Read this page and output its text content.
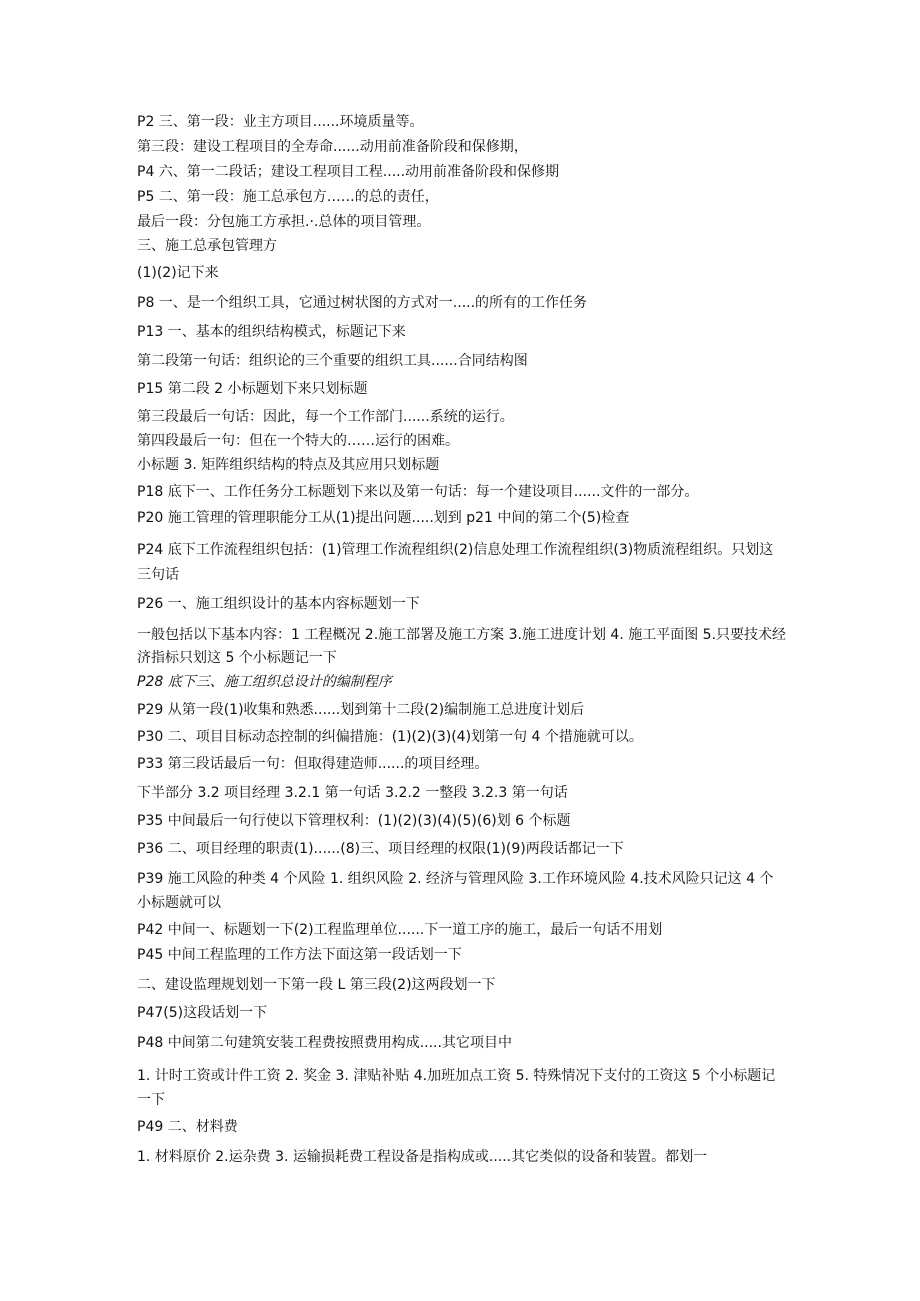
P2 三、第一段：业主方项目......环境质量等。

第三段：建设工程项目的全寿命......动用前准备阶段和保修期，

P4 六、第一二段话；建设工程项目工程.....动用前准备阶段和保修期

P5 二、第一段：施工总承包方……的总的责任，

最后一段：分包施工方承担.·.总体的项目管理。

三、施工总承包管理方

(1)(2)记下来

P8 一、是一个组织工具，它通过树状图的方式对一.....的所有的工作任务

P13 一、基本的组织结构模式，标题记下来

第二段第一句话：组织论的三个重要的组织工具......合同结构图

P15 第二段 2 小标题划下来只划标题

第三段最后一句话：因此，每一个工作部门......系统的运行。

第四段最后一句：但在一个特大的……运行的困难。

小标题 3. 矩阵组织结构的特点及其应用只划标题

P18 底下一、工作任务分工标题划下来以及第一句话：每一个建设项目......文件的一部分。

P20 施工管理的管理职能分工从(1)提出问题.....划到 p21 中间的第二个(5)检查

P24 底下工作流程组织包括：(1)管理工作流程组织(2)信息处理工作流程组织(3)物质流程组织。只划这三句话

P26 一、施工组织设计的基本内容标题划一下

一般包括以下基本内容：1 工程概况 2.施工部署及施工方案 3.施工进度计划 4. 施工平面图 5.只要技术经济指标只划这 5 个小标题记一下

P28 底下三、施工组织总设计的编制程序

P29 从第一段(1)收集和熟悉......划到第十二段(2)编制施工总进度计划后

P30 二、项目目标动态控制的纠偏措施：(1)(2)(3)(4)划第一句 4 个措施就可以。

P33 第三段话最后一句：但取得建造师......的项目经理。

下半部分 3.2 项目经理 3.2.1 第一句话 3.2.2 一整段 3.2.3 第一句话

P35 中间最后一句行使以下管理权利：(1)(2)(3)(4)(5)(6)划 6 个标题

P36 二、项目经理的职责(1)......(8)三、项目经理的权限(1)(9)两段话都记一下

P39 施工风险的种类 4 个风险 1. 组织风险 2. 经济与管理风险 3.工作环境风险 4.技术风险只记这 4 个小标题就可以

P42 中间一、标题划一下(2)工程监理单位......下一道工序的施工，最后一句话不用划

P45 中间工程监理的工作方法下面这第一段话划一下

二、建设监理规划划一下第一段 L 第三段(2)这两段划一下

P47(5)这段话划一下

P48 中间第二句建筑安装工程费按照费用构成.....其它项目中

1. 计时工资或计件工资 2. 奖金 3. 津贴补贴 4.加班加点工资 5. 特殊情况下支付的工资这 5 个小标题记一下

P49 二、材料费

1. 材料原价 2.运杂费 3. 运输损耗费工程设备是指构成或.....其它类似的设备和装置。都划一
